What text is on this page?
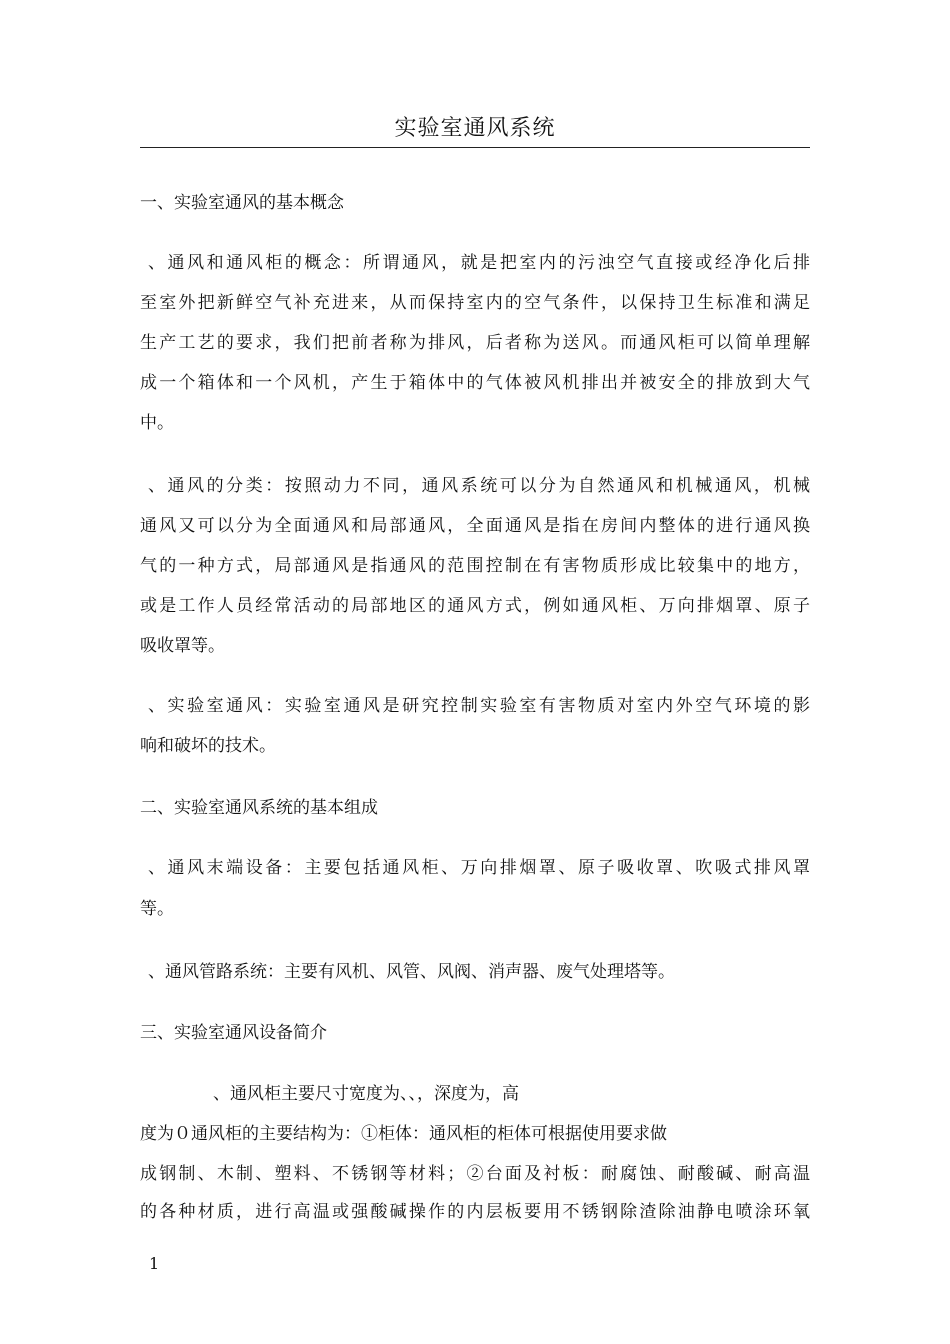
实验室通风系统
一、实验室通风的基本概念
、通风和通风柜的概念：所谓通风，就是把室内的污浊空气直接或经净化后排
至室外把新鲜空气补充进来，从而保持室内的空气条件，以保持卫生标准和满足
生产工艺的要求，我们把前者称为排风，后者称为送风。而通风柜可以简单理解
成一个箱体和一个风机，产生于箱体中的气体被风机排出并被安全的排放到大气
中。
、通风的分类：按照动力不同，通风系统可以分为自然通风和机械通风，机械
通风又可以分为全面通风和局部通风，全面通风是指在房间内整体的进行通风换
气的一种方式，局部通风是指通风的范围控制在有害物质形成比较集中的地方，
或是工作人员经常活动的局部地区的通风方式，例如通风柜、万向排烟罩、原子
吸收罩等。
、实验室通风：实验室通风是研究控制实验室有害物质对室内外空气环境的影
响和破坏的技术。
二、实验室通风系统的基本组成
、通风末端设备：主要包括通风柜、万向排烟罩、原子吸收罩、吹吸式排风罩
等。
、通风管路系统：主要有风机、风管、风阀、消声器、废气处理塔等。
三、实验室通风设备简介
、通风柜主要尺寸宽度为、、，深度为，高
度为０通风柜的主要结构为：①柜体：通风柜的柜体可根据使用要求做
成钢制、木制、塑料、不锈钢等材料；②台面及衬板：耐腐蚀、耐酸碱、耐高温
的各种材质，进行高温或强酸碱操作的内层板要用不锈钢除渣除油静电喷涂环氧
1
